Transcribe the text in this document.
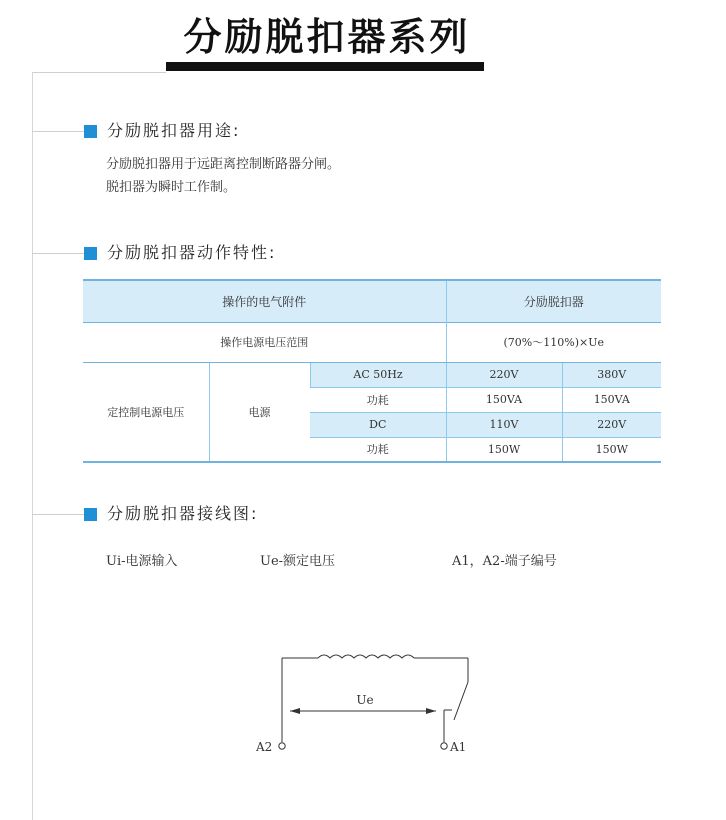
分励脱扣器系列
分励脱扣器用途:
分励脱扣器用于远距离控制断路器分闸。
脱扣器为瞬时工作制。
分励脱扣器动作特性:
操作的电气附件			分励脱扣器	
操作电源电压范围			(70%～110%)×Ue	
定控制电源电压	电源	AC 50Hz	220V	380V
		功耗	150VA	150VA
		DC	110V	220V
		功耗	150W	150W
分励脱扣器接线图:
Ui-电源输入	Ue-额定电压	A1，A2-端子编号
Ue
A2	A1
